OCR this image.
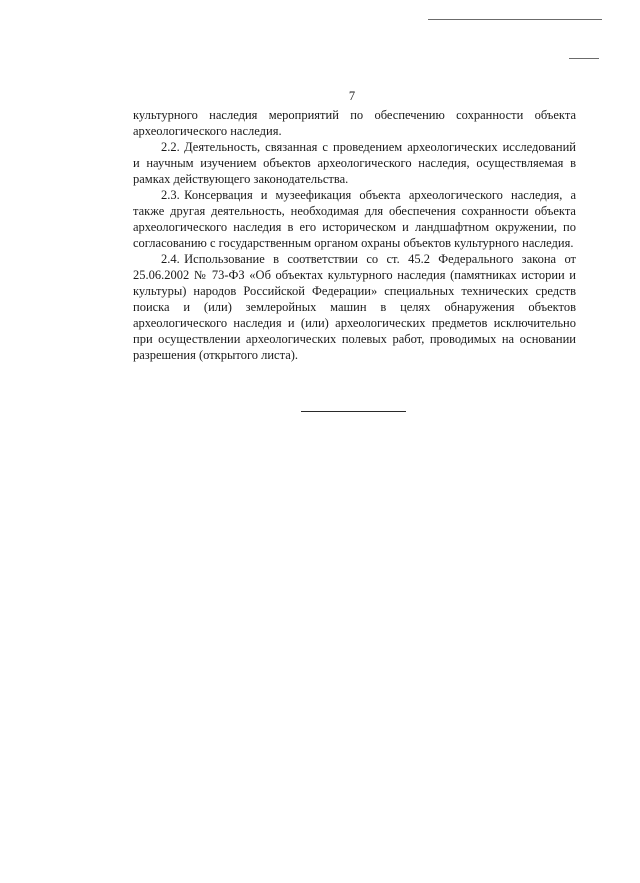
7

культурного наследия мероприятий по обеспечению сохранности объекта археологического наследия.

2.2. Деятельность, связанная с проведением археологических исследований и научным изучением объектов археологического наследия, осуществляемая в рамках действующего законодательства.

2.3. Консервация и музеефикация объекта археологического наследия, а также другая деятельность, необходимая для обеспечения сохранности объекта археологического наследия в его историческом и ландшафтном окружении, по согласованию с государственным органом охраны объектов культурного наследия.

2.4. Использование в соответствии со ст. 45.2 Федерального закона от 25.06.2002 № 73-ФЗ «Об объектах культурного наследия (памятниках истории и культуры) народов Российской Федерации» специальных технических средств поиска и (или) землеройных машин в целях обнаружения объектов археологического наследия и (или) археологических предметов исключительно при осуществлении археологических полевых работ, проводимых на основании разрешения (открытого листа).
